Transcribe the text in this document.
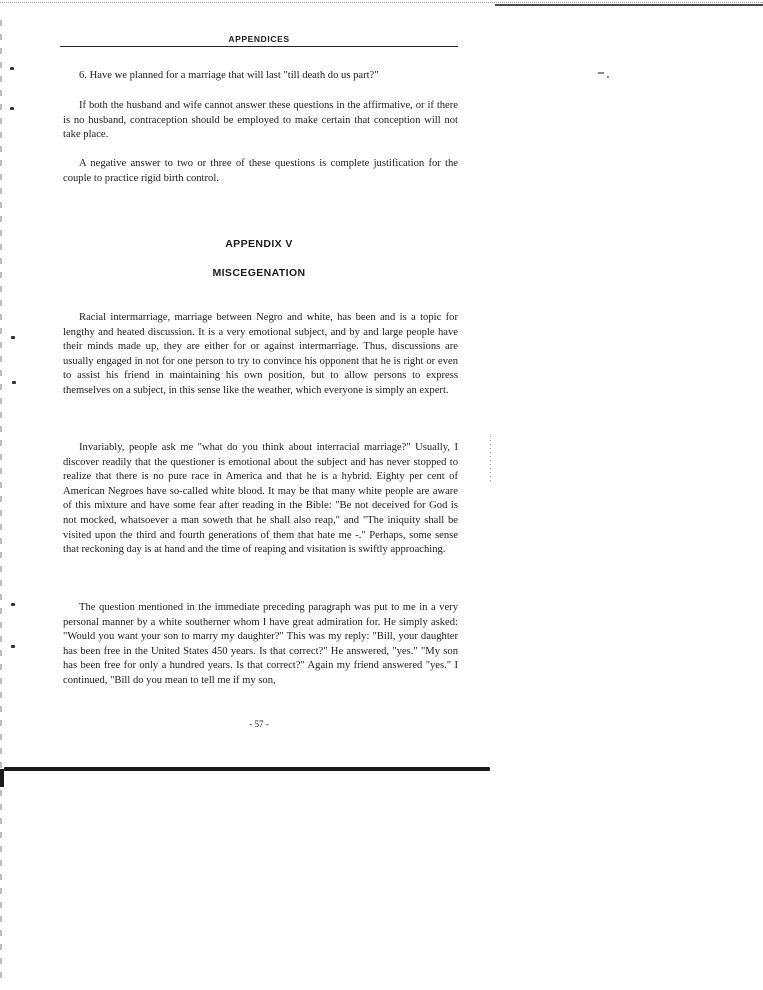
APPENDICES

6. Have we planned for a marriage that will last "till death do us part?"

If both the husband and wife cannot answer these questions in the affirmative, or if there is no husband, contraception should be employed to make certain that conception will not take place.

A negative answer to two or three of these questions is complete justification for the couple to practice rigid birth control.

APPENDIX V
MISCEGENATION

Racial intermarriage, marriage between Negro and white, has been and is a topic for lengthy and heated discussion. It is a very emotional subject, and by and large people have their minds made up, they are either for or against intermarriage. Thus, discussions are usually engaged in not for one person to try to convince his opponent that he is right or even to assist his friend in maintaining his own position, but to allow persons to express themselves on a subject, in this sense like the weather, which everyone is simply an expert.

Invariably, people ask me "what do you think about interracial marriage?" Usually, I discover readily that the questioner is emotional about the subject and has never stopped to realize that there is no pure race in America and that he is a hybrid. Eighty per cent of American Negroes have so-called white blood. It may be that many white people are aware of this mixture and have some fear after reading in the Bible: "Be not deceived for God is not mocked, whatsoever a man soweth that he shall also reap," and "The iniquity shall be visited upon the third and fourth generations of them that hate me -." Perhaps, some sense that reckoning day is at hand and the time of reaping and visitation is swiftly approaching.

The question mentioned in the immediate preceding paragraph was put to me in a very personal manner by a white southerner whom I have great admiration for. He simply asked: "Would you want your son to marry my daughter?" This was my reply: "Bill, your daughter has been free in the United States 450 years. Is that correct?" He answered, "yes." "My son has been free for only a hundred years. Is that correct?" Again my friend answered "yes." I continued, "Bill do you mean to tell me if my son,

- 57 -
